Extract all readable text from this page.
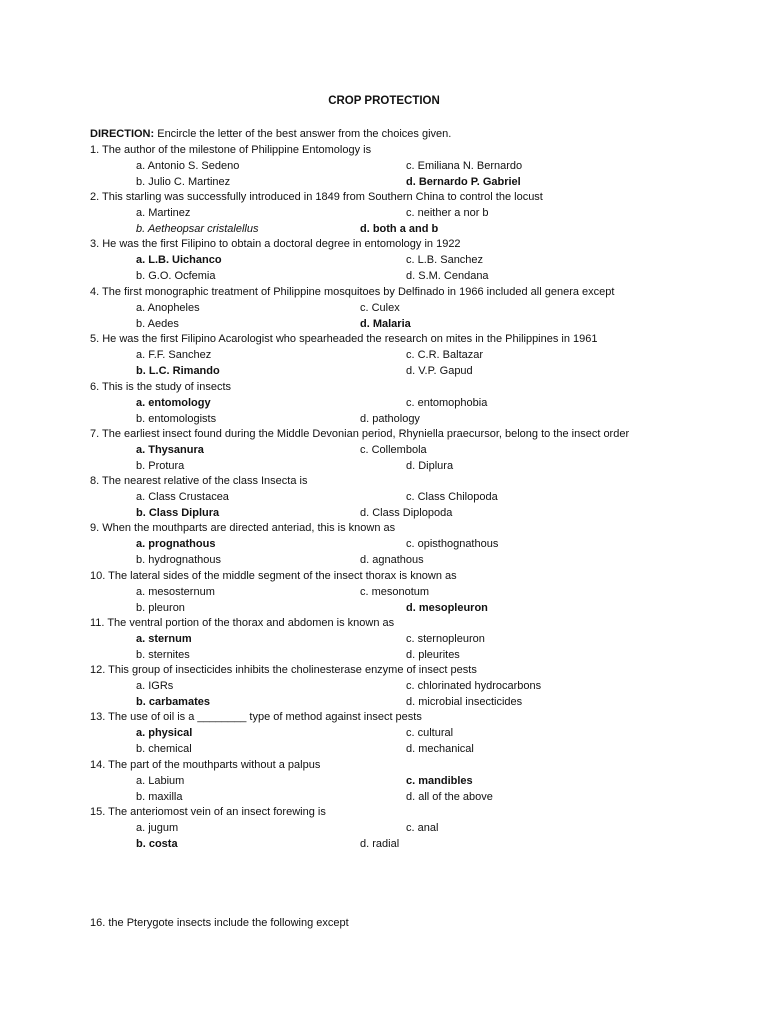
CROP PROTECTION
DIRECTION: Encircle the letter of the best answer from the choices given.
1. The author of the milestone of Philippine Entomology is
a. Antonio S. Sedeno	c. Emiliana N. Bernardo
b. Julio C. Martinez	d. Bernardo P. Gabriel
2. This starling was successfully introduced in 1849 from Southern China to control the locust
a. Martinez	c. neither a nor b
b. Aetheopsar cristalellus	d. both a and b
3. He was the first Filipino to obtain a doctoral degree in entomology in 1922
a. L.B. Uichanco	c. L.B. Sanchez
b. G.O. Ocfemia	d. S.M. Cendana
4. The first monographic treatment of Philippine mosquitoes by Delfinado in 1966 included all genera except
a. Anopheles	c. Culex
b. Aedes	d. Malaria
5. He was the first Filipino Acarologist who spearheaded the research on mites in the Philippines in 1961
a. F.F. Sanchez	c. C.R. Baltazar
b. L.C. Rimando	d. V.P. Gapud
6. This is the study of insects
a. entomology	c. entomophobia
b. entomologists	d. pathology
7. The earliest insect found during the Middle Devonian period, Rhyniella praecursor, belong to the insect order
a. Thysanura	c. Collembola
b. Protura	d. Diplura
8. The nearest relative of the class Insecta is
a. Class Crustacea	c. Class Chilopoda
b. Class Diplura	d. Class Diplopoda
9. When the mouthparts are directed anteriad, this is known as
a. prognathous	c. opisthognathous
b. hydrognathous	d. agnathous
10. The lateral sides of the middle segment of the insect thorax is known as
a. mesosternum	c. mesonotum
b. pleuron	d. mesopleuron
11. The ventral portion of the thorax and abdomen is known as
a. sternum	c. sternopleuron
b. sternites	d. pleurites
12. This group of insecticides inhibits the cholinesterase enzyme of insect pests
a. IGRs	c. chlorinated hydrocarbons
b. carbamates	d. microbial insecticides
13. The use of oil is a ________ type of method against insect pests
a. physical	c. cultural
b. chemical	d. mechanical
14. The part of the mouthparts without a palpus
a. Labium	c. mandibles
b. maxilla	d. all of the above
15. The anteriomost vein of an insect forewing is
a. jugum	c. anal
b. costa	d. radial
16. the Pterygote insects include the following except
